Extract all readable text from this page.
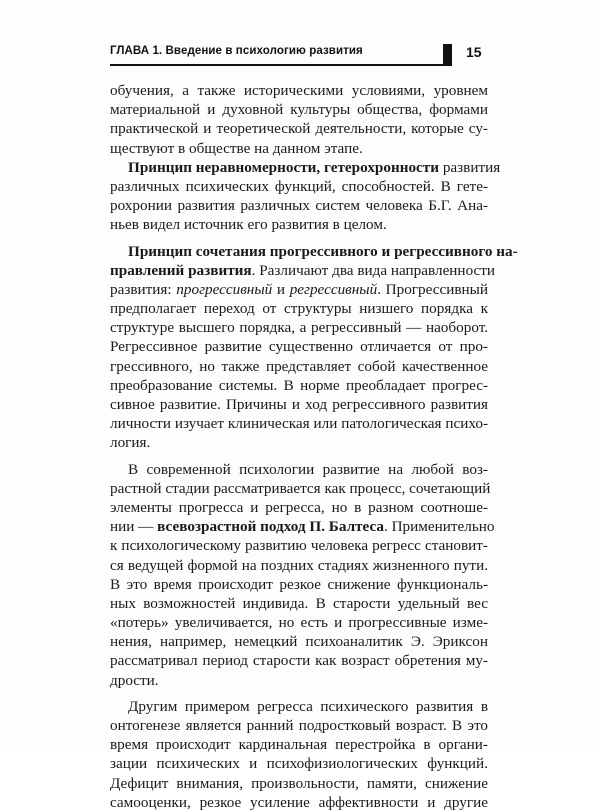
ГЛАВА 1. Введение в психологию развития	15
обучения, а также историческими условиями, уровнем
материальной и духовной культуры общества, формами
практической и теоретической деятельности, которые су-
ществуют в обществе на данном этапе.
Принцип неравномерности, гетерохронности развития
различных психических функций, способностей. В гете-
рохронии развития различных систем человека Б.Г. Ана-
ньев видел источник его развития в целом.
Принцип сочетания прогрессивного и регрессивного на-
правлений развития. Различают два вида направленности
развития: прогрессивный и регрессивный. Прогрессивный
предполагает переход от структуры низшего порядка к
структуре высшего порядка, а регрессивный — наоборот.
Регрессивное развитие существенно отличается от про-
грессивного, но также представляет собой качественное
преобразование системы. В норме преобладает прогрес-
сивное развитие. Причины и ход регрессивного развития
личности изучает клиническая или патологическая психо-
логия.
В современной психологии развитие на любой воз-
растной стадии рассматривается как процесс, сочетающий
элементы прогресса и регресса, но в разном соотноше-
нии — всевозрастной подход П. Балтеса. Применительно
к психологическому развитию человека регресс становит-
ся ведущей формой на поздних стадиях жизненного пути.
В это время происходит резкое снижение функциональ-
ных возможностей индивида. В старости удельный вес
«потерь» увеличивается, но есть и прогрессивные изме-
нения, например, немецкий психоаналитик Э. Эриксон
рассматривал период старости как возраст обретения му-
дрости.
Другим примером регресса психического развития в
онтогенезе является ранний подростковый возраст. В это
время происходит кардинальная перестройка в органи-
зации психических и психофизиологических функций.
Дефицит внимания, произвольности, памяти, снижение
самооценки, резкое усиление аффективности и другие
